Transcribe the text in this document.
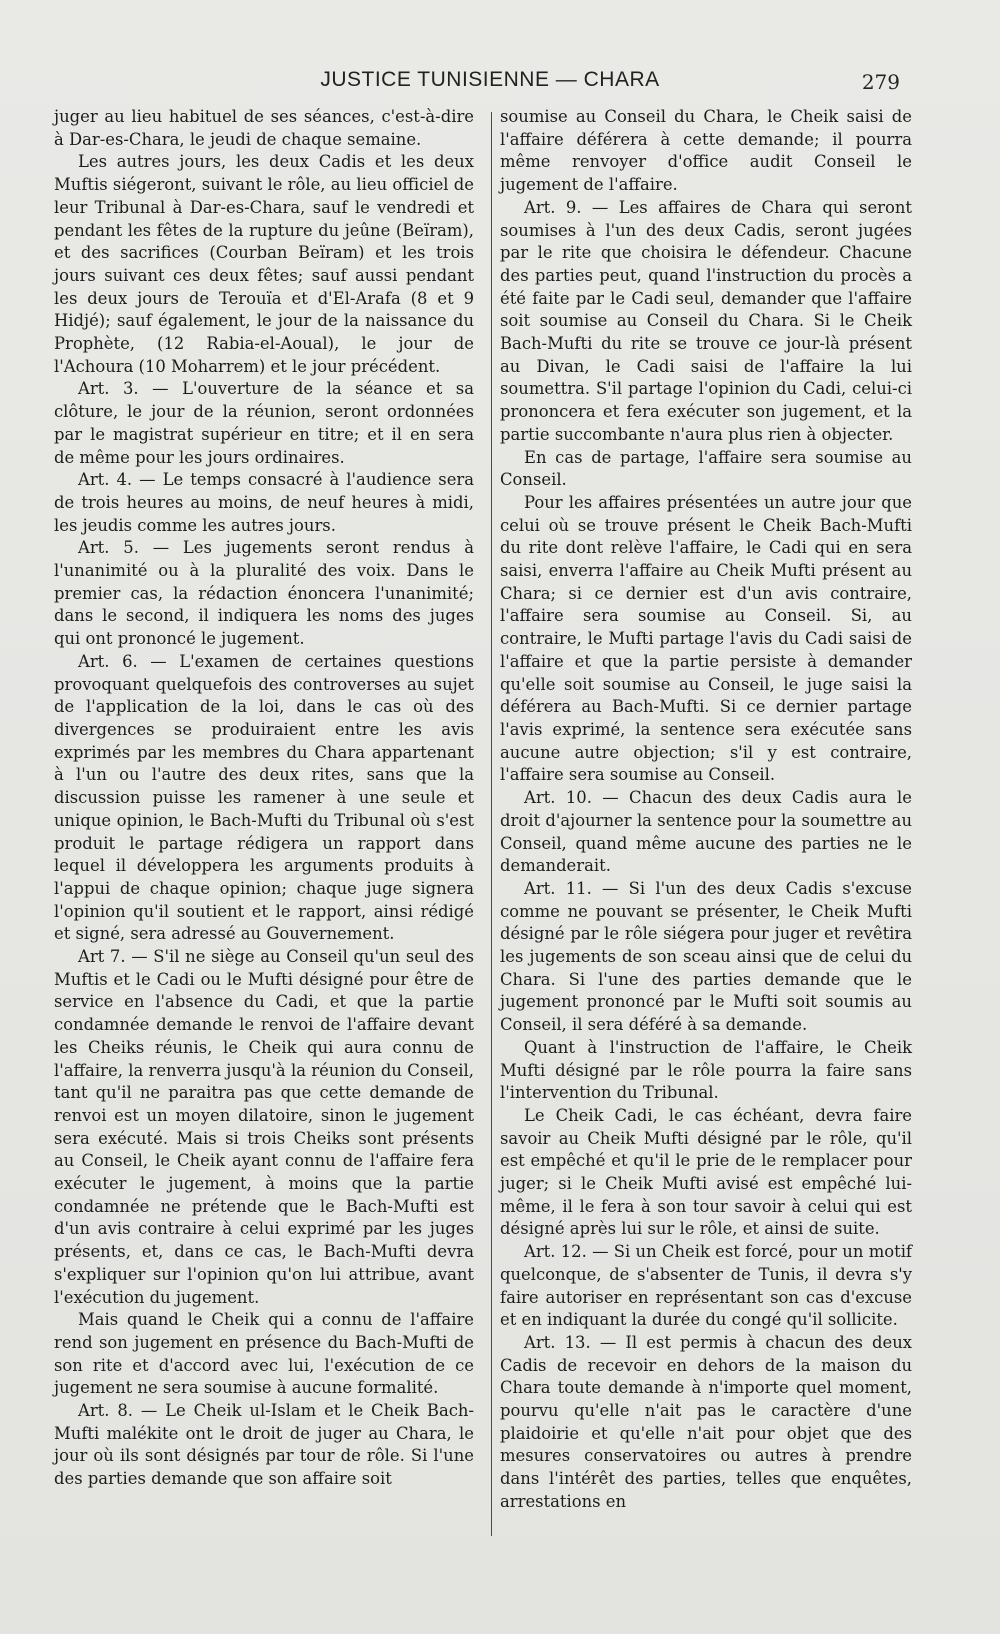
JUSTICE TUNISIENNE — CHARA	279

juger au lieu habituel de ses séances, c'est-à-dire à Dar-es-Chara, le jeudi de chaque semaine.

Les autres jours, les deux Cadis et les deux Muftis siégeront, suivant le rôle, au lieu officiel de leur Tribunal à Dar-es-Chara, sauf le vendredi et pendant les fêtes de la rupture du jeûne (Beïram), et des sacrifices (Courban Beïram) et les trois jours suivant ces deux fêtes; sauf aussi pendant les deux jours de Terouïa et d'El-Arafa (8 et 9 Hidjé); sauf également, le jour de la naissance du Prophète, (12 Rabia-el-Aoual), le jour de l'Achoura (10 Moharrem) et le jour précédent.

Art. 3. — L'ouverture de la séance et sa clôture, le jour de la réunion, seront ordonnées par le magistrat supérieur en titre; et il en sera de même pour les jours ordinaires.

Art. 4. — Le temps consacré à l'audience sera de trois heures au moins, de neuf heures à midi, les jeudis comme les autres jours.

Art. 5. — Les jugements seront rendus à l'unanimité ou à la pluralité des voix. Dans le premier cas, la rédaction énoncera l'unanimité; dans le second, il indiquera les noms des juges qui ont prononcé le jugement.

Art. 6. — L'examen de certaines questions provoquant quelquefois des controverses au sujet de l'application de la loi, dans le cas où des divergences se produiraient entre les avis exprimés par les membres du Chara appartenant à l'un ou l'autre des deux rites, sans que la discussion puisse les ramener à une seule et unique opinion, le Bach-Mufti du Tribunal où s'est produit le partage rédigera un rapport dans lequel il développera les arguments produits à l'appui de chaque opinion; chaque juge signera l'opinion qu'il soutient et le rapport, ainsi rédigé et signé, sera adressé au Gouvernement.

Art 7. — S'il ne siège au Conseil qu'un seul des Muftis et le Cadi ou le Mufti désigné pour être de service en l'absence du Cadi, et que la partie condamnée demande le renvoi de l'affaire devant les Cheiks réunis, le Cheik qui aura connu de l'affaire, la renverra jusqu'à la réunion du Conseil, tant qu'il ne paraitra pas que cette demande de renvoi est un moyen dilatoire, sinon le jugement sera exécuté. Mais si trois Cheiks sont présents au Conseil, le Cheik ayant connu de l'affaire fera exécuter le jugement, à moins que la partie condamnée ne prétende que le Bach-Mufti est d'un avis contraire à celui exprimé par les juges présents, et, dans ce cas, le Bach-Mufti devra s'expliquer sur l'opinion qu'on lui attribue, avant l'exécution du jugement.

Mais quand le Cheik qui a connu de l'affaire rend son jugement en présence du Bach-Mufti de son rite et d'accord avec lui, l'exécution de ce jugement ne sera soumise à aucune formalité.

Art. 8. — Le Cheik ul-Islam et le Cheik Bach-Mufti malékite ont le droit de juger au Chara, le jour où ils sont désignés par tour de rôle. Si l'une des parties demande que son affaire soit

soumise au Conseil du Chara, le Cheik saisi de l'affaire déférera à cette demande; il pourra même renvoyer d'office audit Conseil le jugement de l'affaire.

Art. 9. — Les affaires de Chara qui seront soumises à l'un des deux Cadis, seront jugées par le rite que choisira le défendeur. Chacune des parties peut, quand l'instruction du procès a été faite par le Cadi seul, demander que l'affaire soit soumise au Conseil du Chara. Si le Cheik Bach-Mufti du rite se trouve ce jour-là présent au Divan, le Cadi saisi de l'affaire la lui soumettra. S'il partage l'opinion du Cadi, celui-ci prononcera et fera exécuter son jugement, et la partie succombante n'aura plus rien à objecter.

En cas de partage, l'affaire sera soumise au Conseil.

Pour les affaires présentées un autre jour que celui où se trouve présent le Cheik Bach-Mufti du rite dont relève l'affaire, le Cadi qui en sera saisi, enverra l'affaire au Cheik Mufti présent au Chara; si ce dernier est d'un avis contraire, l'affaire sera soumise au Conseil. Si, au contraire, le Mufti partage l'avis du Cadi saisi de l'affaire et que la partie persiste à demander qu'elle soit soumise au Conseil, le juge saisi la déférera au Bach-Mufti. Si ce dernier partage l'avis exprimé, la sentence sera exécutée sans aucune autre objection; s'il y est contraire, l'affaire sera soumise au Conseil.

Art. 10. — Chacun des deux Cadis aura le droit d'ajourner la sentence pour la soumettre au Conseil, quand même aucune des parties ne le demanderait.

Art. 11. — Si l'un des deux Cadis s'excuse comme ne pouvant se présenter, le Cheik Mufti désigné par le rôle siégera pour juger et revêtira les jugements de son sceau ainsi que de celui du Chara. Si l'une des parties demande que le jugement prononcé par le Mufti soit soumis au Conseil, il sera déféré à sa demande.

Quant à l'instruction de l'affaire, le Cheik Mufti désigné par le rôle pourra la faire sans l'intervention du Tribunal.

Le Cheik Cadi, le cas échéant, devra faire savoir au Cheik Mufti désigné par le rôle, qu'il est empêché et qu'il le prie de le remplacer pour juger; si le Cheik Mufti avisé est empêché lui-même, il le fera à son tour savoir à celui qui est désigné après lui sur le rôle, et ainsi de suite.

Art. 12. — Si un Cheik est forcé, pour un motif quelconque, de s'absenter de Tunis, il devra s'y faire autoriser en représentant son cas d'excuse et en indiquant la durée du congé qu'il sollicite.

Art. 13. — Il est permis à chacun des deux Cadis de recevoir en dehors de la maison du Chara toute demande à n'importe quel moment, pourvu qu'elle n'ait pas le caractère d'une plaidoirie et qu'elle n'ait pour objet que des mesures conservatoires ou autres à prendre dans l'intérêt des parties, telles que enquêtes, arrestations en
